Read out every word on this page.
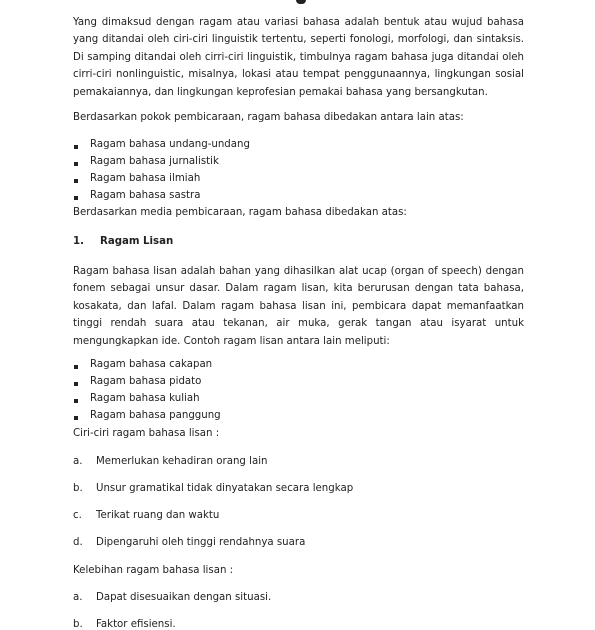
Yang dimaksud dengan ragam atau variasi bahasa adalah bentuk atau wujud bahasa yang ditandai oleh ciri-ciri linguistik tertentu, seperti fonologi, morfologi, dan sintaksis. Di samping ditandai oleh cirri-ciri linguistik, timbulnya ragam bahasa juga ditandai oleh cirri-ciri nonlinguistic, misalnya, lokasi atau tempat penggunaannya, lingkungan sosial pemakaiannya, dan lingkungan keprofesian pemakai bahasa yang bersangkutan.

Berdasarkan pokok pembicaraan, ragam bahasa dibedakan antara lain atas:
Ragam bahasa undang-undang
Ragam bahasa jurnalistik
Ragam bahasa ilmiah
Ragam bahasa sastra
Berdasarkan media pembicaraan, ragam bahasa dibedakan atas:
1. Ragam Lisan

Ragam bahasa lisan adalah bahan yang dihasilkan alat ucap (organ of speech) dengan fonem sebagai unsur dasar. Dalam ragam lisan, kita berurusan dengan tata bahasa, kosakata, dan lafal. Dalam ragam bahasa lisan ini, pembicara dapat memanfaatkan tinggi rendah suara atau tekanan, air muka, gerak tangan atau isyarat untuk mengungkapkan ide. Contoh ragam lisan antara lain meliputi:

Ragam bahasa cakapan
Ragam bahasa pidato
Ragam bahasa kuliah
Ragam bahasa panggung
Ciri-ciri ragam bahasa lisan :
a. Memerlukan kehadiran orang lain
b. Unsur gramatikal tidak dinyatakan secara lengkap
c. Terikat ruang dan waktu
d. Dipengaruhi oleh tinggi rendahnya suara
Kelebihan ragam bahasa lisan :
a. Dapat disesuaikan dengan situasi.
b. Faktor efisiensi.
